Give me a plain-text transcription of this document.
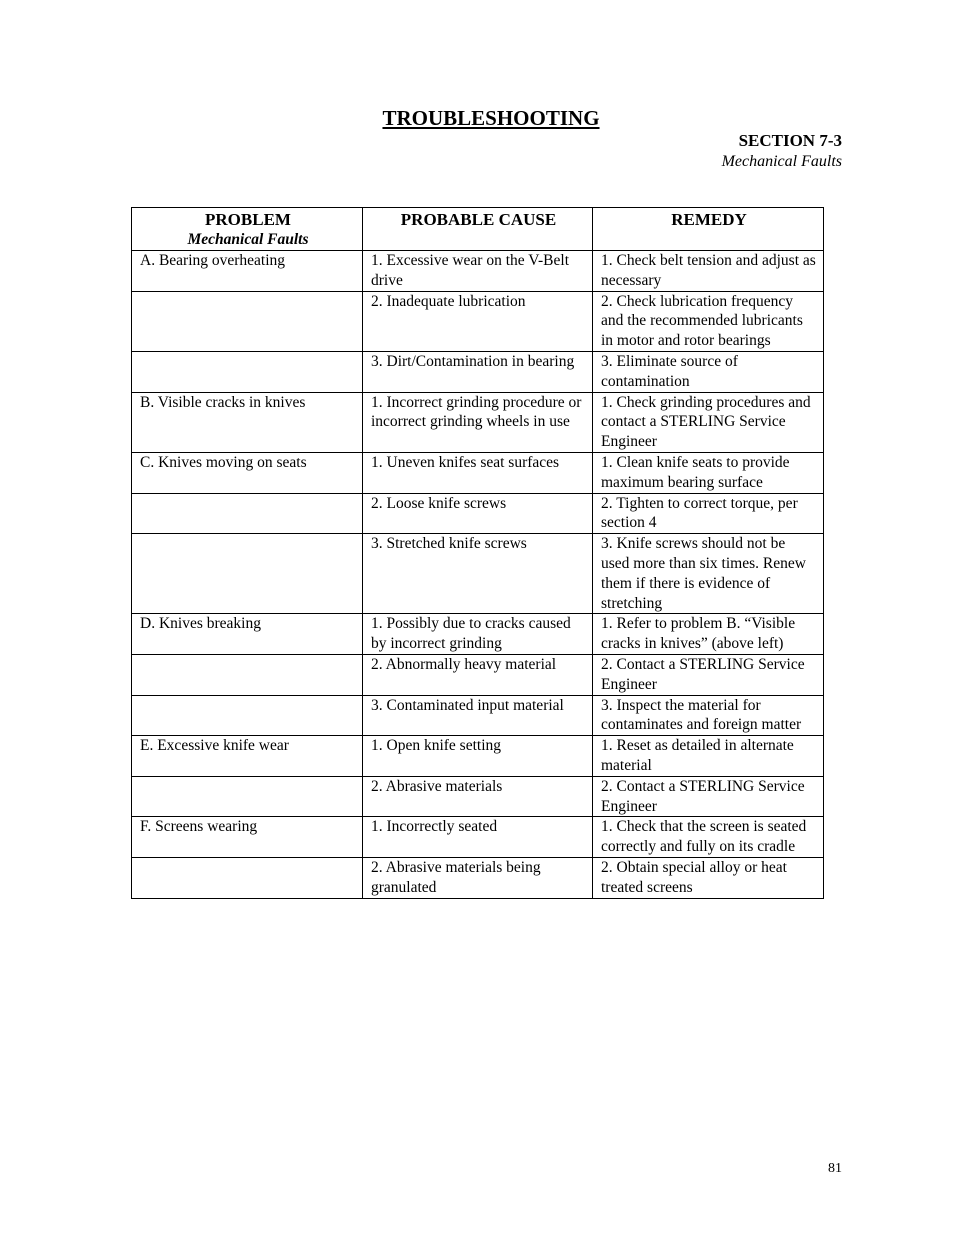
TROUBLESHOOTING
SECTION 7-3
Mechanical Faults
PROBLEM
Mechanical Faults	PROBABLE CAUSE	REMEDY
A. Bearing overheating	1. Excessive wear on the V-Belt drive	1. Check belt tension and adjust as necessary
	2. Inadequate lubrication	2. Check lubrication frequency and the recommended lubricants in motor and rotor bearings
	3. Dirt/Contamination in bearing	3. Eliminate source of contamination
B. Visible cracks in knives	1. Incorrect grinding procedure or incorrect grinding wheels in use	1. Check grinding procedures and contact a STERLING Service Engineer
C. Knives moving on seats	1. Uneven knifes seat surfaces	1. Clean knife seats to provide maximum bearing surface
	2. Loose knife screws	2. Tighten to correct torque, per section 4
	3. Stretched knife screws	3. Knife screws should not be used more than six times. Renew them if there is evidence of stretching
D. Knives breaking	1. Possibly due to cracks caused by incorrect grinding	1. Refer to problem B. “Visible cracks in knives” (above left)
	2. Abnormally heavy material	2. Contact a STERLING Service Engineer
	3. Contaminated input material	3. Inspect the material for contaminates and foreign matter
E. Excessive knife wear	1. Open knife setting	1. Reset as detailed in alternate material
	2. Abrasive materials	2. Contact a STERLING Service Engineer
F. Screens wearing	1. Incorrectly seated	1. Check that the screen is seated correctly and fully on its cradle
	2. Abrasive materials being granulated	2. Obtain special alloy or heat treated screens
81
